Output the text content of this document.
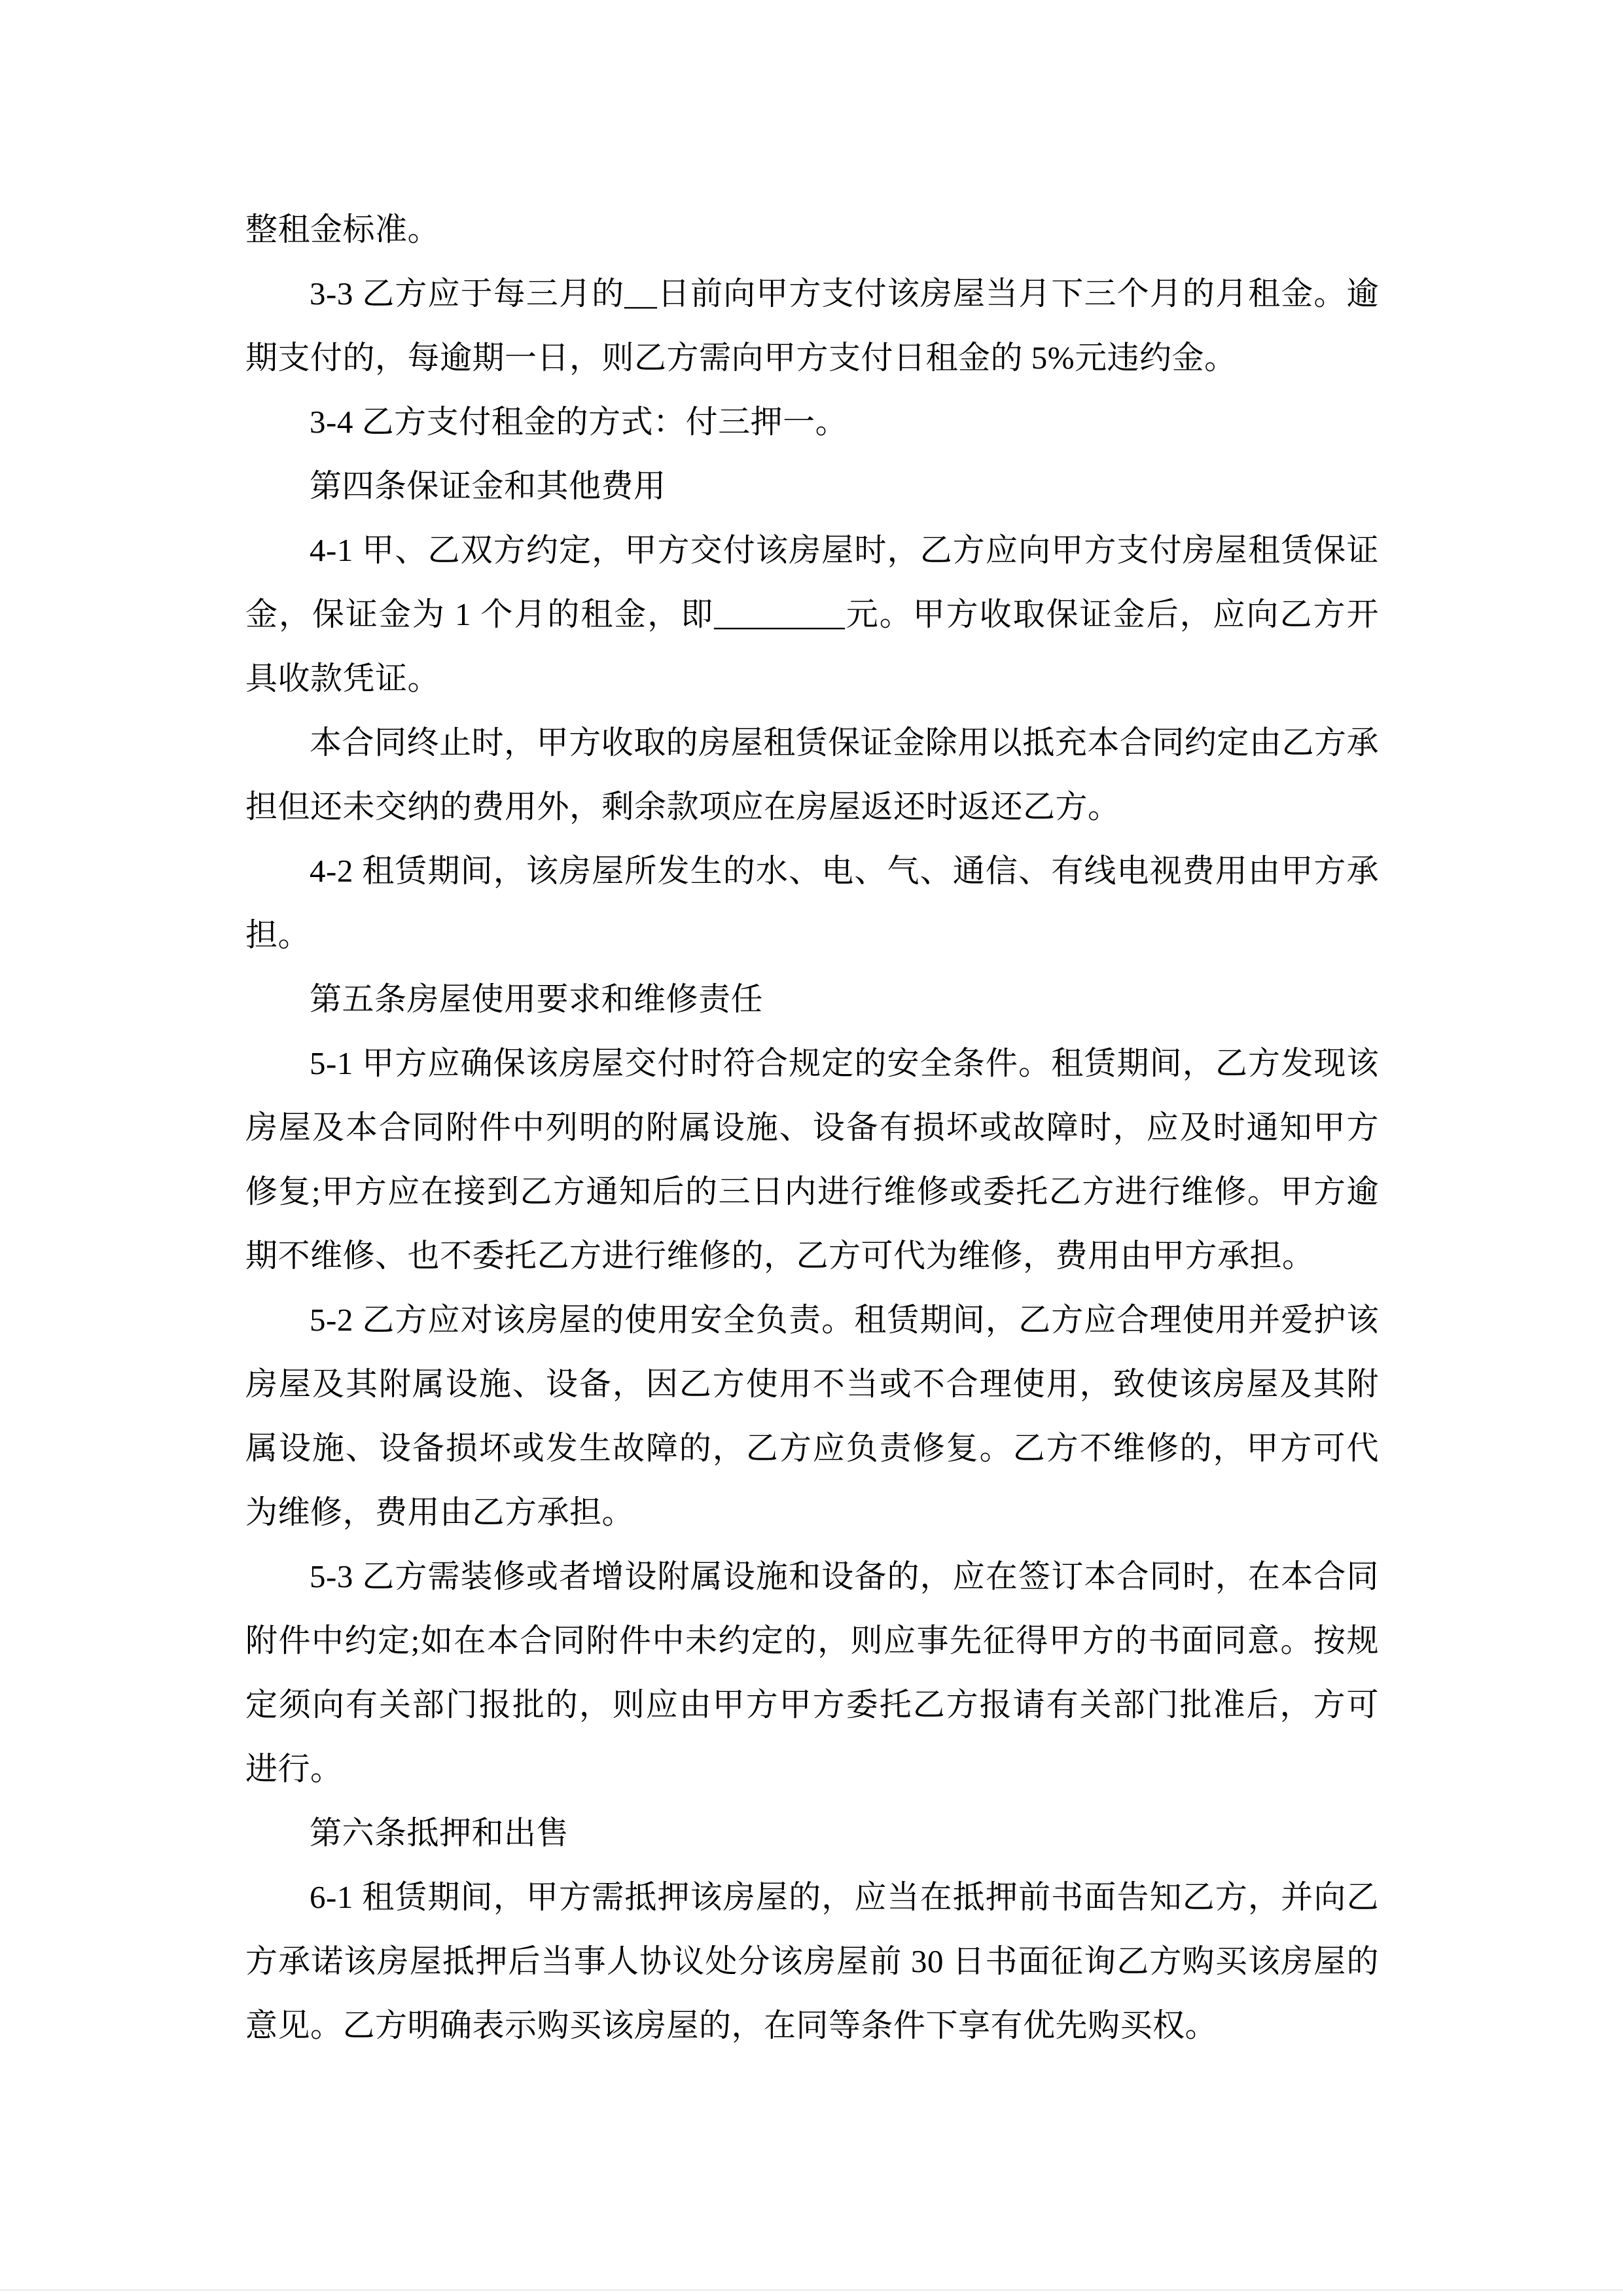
整租金标准。

3-3 乙方应于每三月的__日前向甲方支付该房屋当月下三个月的月租金。逾期支付的，每逾期一日，则乙方需向甲方支付日租金的 5%元违约金。

3-4 乙方支付租金的方式：付三押一。

第四条保证金和其他费用

4-1 甲、乙双方约定，甲方交付该房屋时，乙方应向甲方支付房屋租赁保证金，保证金为 1 个月的租金，即________元。甲方收取保证金后，应向乙方开具收款凭证。

本合同终止时，甲方收取的房屋租赁保证金除用以抵充本合同约定由乙方承担但还未交纳的费用外，剩余款项应在房屋返还时返还乙方。

4-2 租赁期间，该房屋所发生的水、电、气、通信、有线电视费用由甲方承担。

第五条房屋使用要求和维修责任

5-1 甲方应确保该房屋交付时符合规定的安全条件。租赁期间，乙方发现该房屋及本合同附件中列明的附属设施、设备有损坏或故障时，应及时通知甲方修复;甲方应在接到乙方通知后的三日内进行维修或委托乙方进行维修。甲方逾期不维修、也不委托乙方进行维修的，乙方可代为维修，费用由甲方承担。

5-2 乙方应对该房屋的使用安全负责。租赁期间，乙方应合理使用并爱护该房屋及其附属设施、设备，因乙方使用不当或不合理使用，致使该房屋及其附属设施、设备损坏或发生故障的，乙方应负责修复。乙方不维修的，甲方可代为维修，费用由乙方承担。

5-3 乙方需装修或者增设附属设施和设备的，应在签订本合同时，在本合同附件中约定;如在本合同附件中未约定的，则应事先征得甲方的书面同意。按规定须向有关部门报批的，则应由甲方甲方委托乙方报请有关部门批准后，方可进行。

第六条抵押和出售

6-1 租赁期间，甲方需抵押该房屋的，应当在抵押前书面告知乙方，并向乙方承诺该房屋抵押后当事人协议处分该房屋前 30 日书面征询乙方购买该房屋的意见。乙方明确表示购买该房屋的，在同等条件下享有优先购买权。
